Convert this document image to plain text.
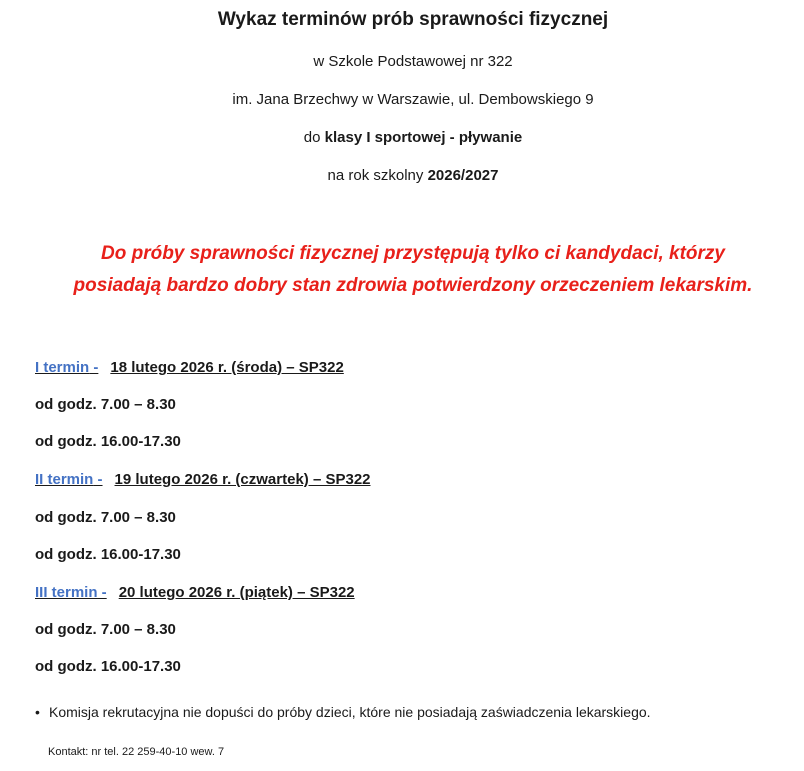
Wykaz terminów prób sprawności fizycznej
w Szkole Podstawowej nr 322
im. Jana Brzechwy w Warszawie, ul. Dembowskiego 9
do klasy I sportowej - pływanie
na rok szkolny 2026/2027
Do próby sprawności fizycznej przystępują tylko ci kandydaci, którzy
posiadają bardzo dobry stan zdrowia potwierdzony orzeczeniem lekarskim.
I termin - 18 lutego 2026 r. (środa) – SP322
od godz. 7.00 – 8.30
od godz. 16.00-17.30
II termin - 19 lutego 2026 r. (czwartek) – SP322
od godz. 7.00 – 8.30
od godz. 16.00-17.30
III termin - 20 lutego 2026 r. (piątek) – SP322
od godz. 7.00 – 8.30
od godz. 16.00-17.30
• Komisja rekrutacyjna nie dopuści do próby dzieci, które nie posiadają zaświadczenia lekarskiego.
Kontakt: nr tel. 22 259-40-10 wew. 7
